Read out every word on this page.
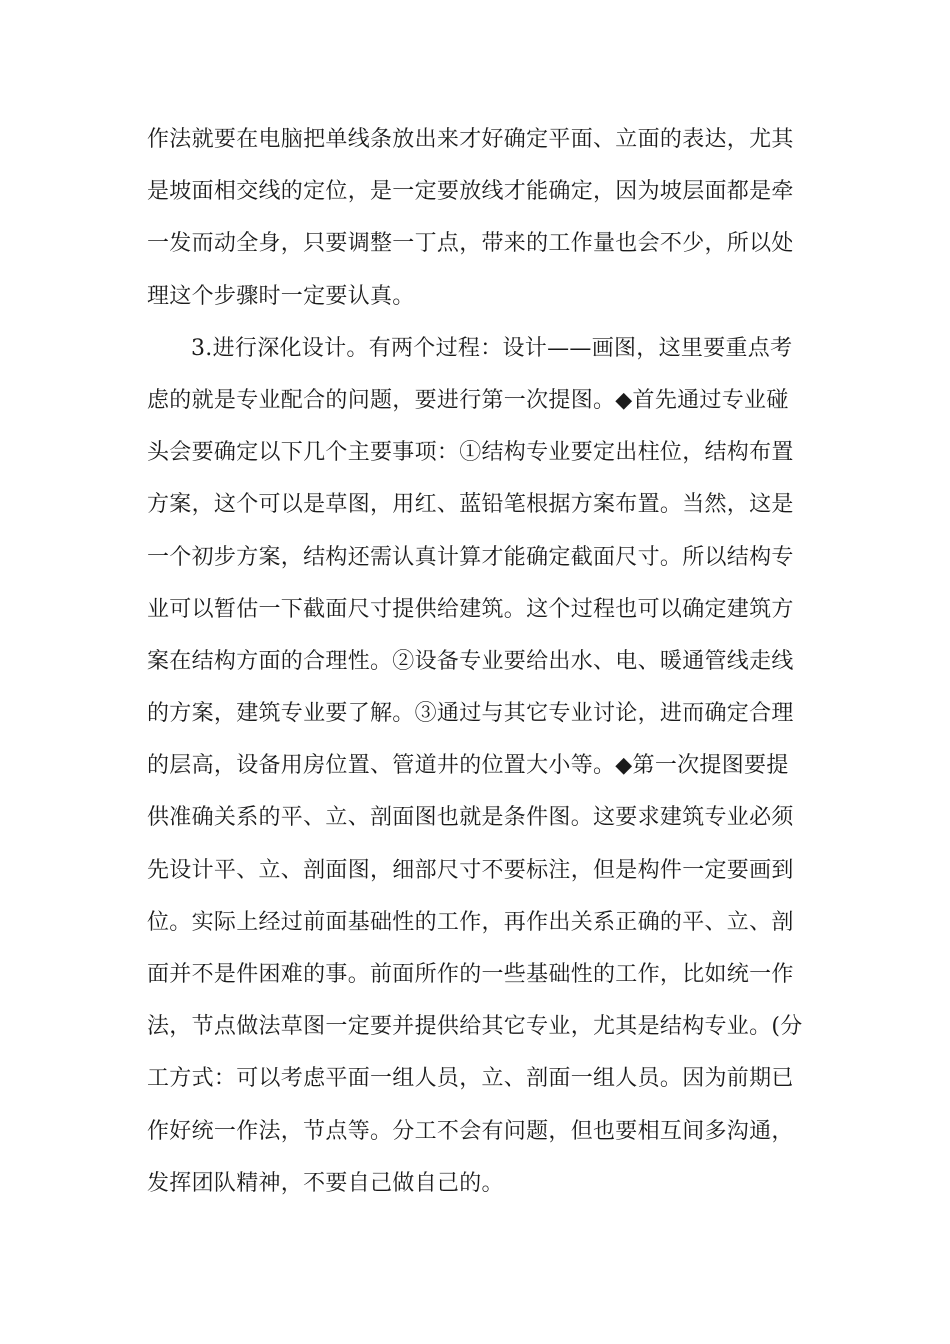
作法就要在电脑把单线条放出来才好确定平面、立面的表达，尤其
是坡面相交线的定位，是一定要放线才能确定，因为坡层面都是牵
一发而动全身，只要调整一丁点，带来的工作量也会不少，所以处
理这个步骤时一定要认真。
3.进行深化设计。有两个过程：设计——画图，这里要重点考
虑的就是专业配合的问题，要进行第一次提图。◆首先通过专业碰
头会要确定以下几个主要事项：①结构专业要定出柱位，结构布置
方案，这个可以是草图，用红、蓝铅笔根据方案布置。当然，这是
一个初步方案，结构还需认真计算才能确定截面尺寸。所以结构专
业可以暂估一下截面尺寸提供给建筑。这个过程也可以确定建筑方
案在结构方面的合理性。②设备专业要给出水、电、暖通管线走线
的方案，建筑专业要了解。③通过与其它专业讨论，进而确定合理
的层高，设备用房位置、管道井的位置大小等。◆第一次提图要提
供准确关系的平、立、剖面图也就是条件图。这要求建筑专业必须
先设计平、立、剖面图，细部尺寸不要标注，但是构件一定要画到
位。实际上经过前面基础性的工作，再作出关系正确的平、立、剖
面并不是件困难的事。前面所作的一些基础性的工作，比如统一作
法，节点做法草图一定要并提供给其它专业，尤其是结构专业。(分
工方式：可以考虑平面一组人员，立、剖面一组人员。因为前期已
作好统一作法，节点等。分工不会有问题，但也要相互间多沟通，
发挥团队精神，不要自己做自己的。
